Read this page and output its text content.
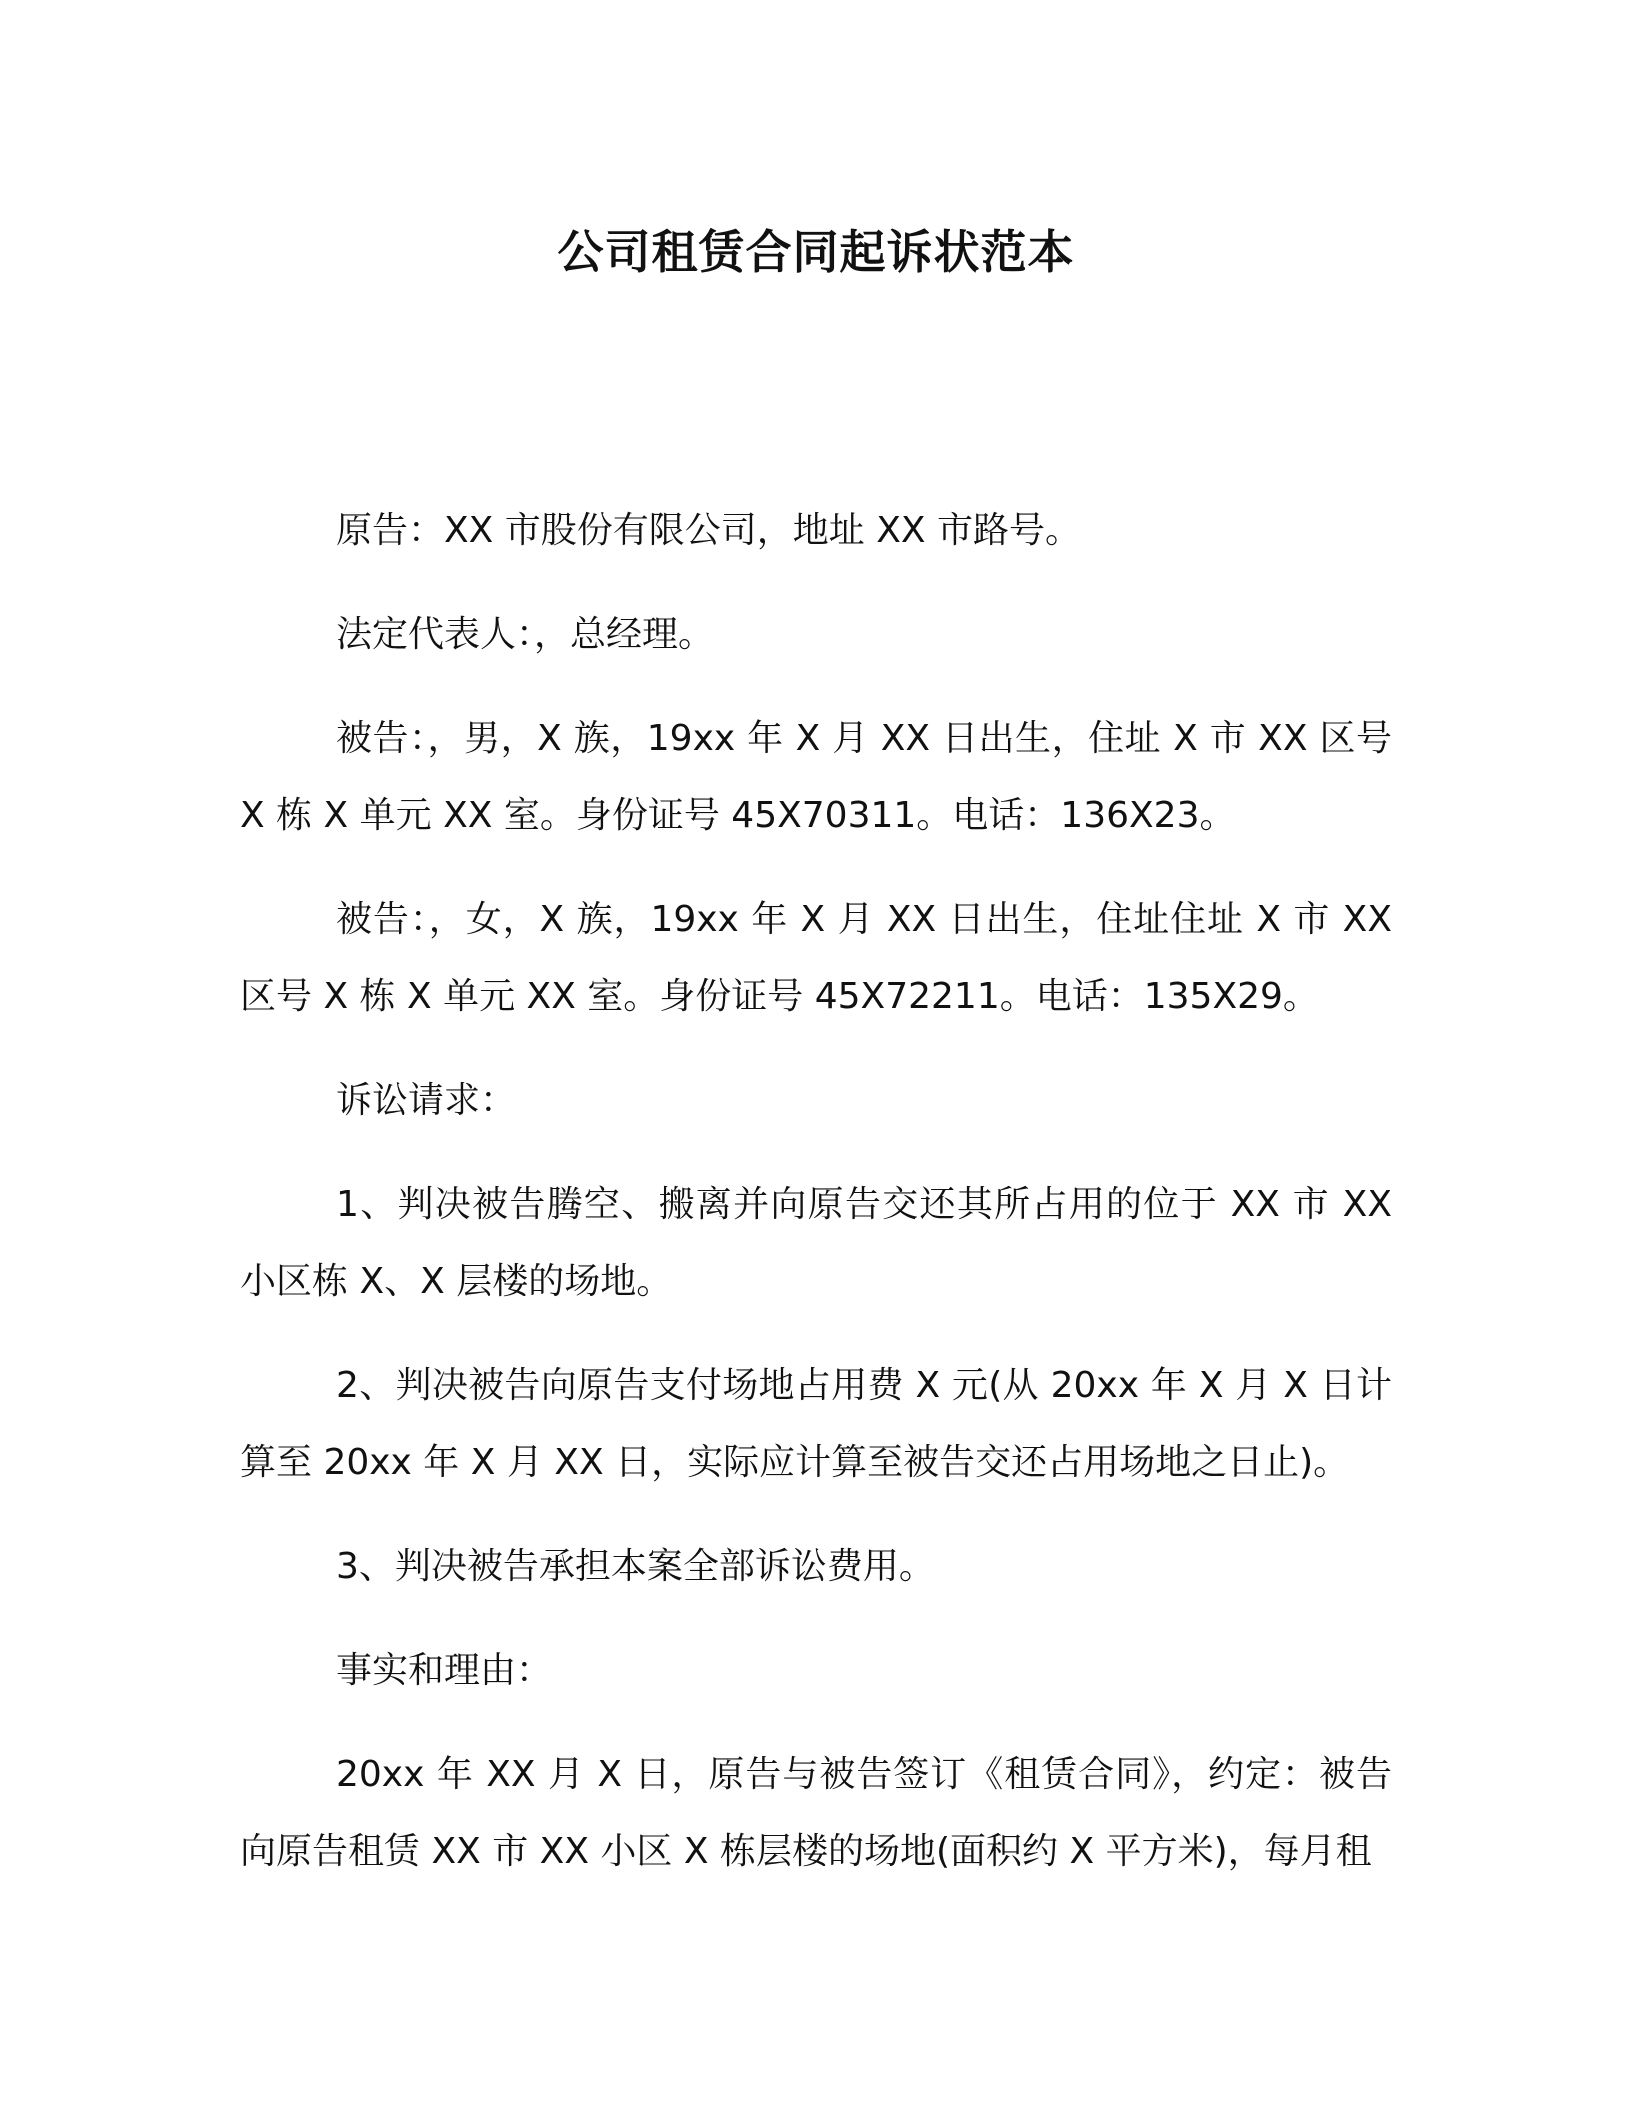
公司租赁合同起诉状范本

原告：XX 市股份有限公司，地址 XX 市路号。

法定代表人：，总经理。

被告：，男，X 族，19xx 年 X 月 XX 日出生，住址 X 市 XX 区号 X 栋 X 单元 XX 室。身份证号 45X70311。电话：136X23。

被告：，女，X 族，19xx 年 X 月 XX 日出生，住址住址 X 市 XX 区号 X 栋 X 单元 XX 室。身份证号 45X72211。电话：135X29。

诉讼请求：

1、判决被告腾空、搬离并向原告交还其所占用的位于 XX 市 XX 小区栋 X、X 层楼的场地。

2、判决被告向原告支付场地占用费 X 元(从 20xx 年 X 月 X 日计算至 20xx 年 X 月 XX 日，实际应计算至被告交还占用场地之日止)。

3、判决被告承担本案全部诉讼费用。

事实和理由：

20xx 年 XX 月 X 日，原告与被告签订《租赁合同》，约定：被告向原告租赁 XX 市 XX 小区 X 栋层楼的场地(面积约 X 平方米)，每月租
